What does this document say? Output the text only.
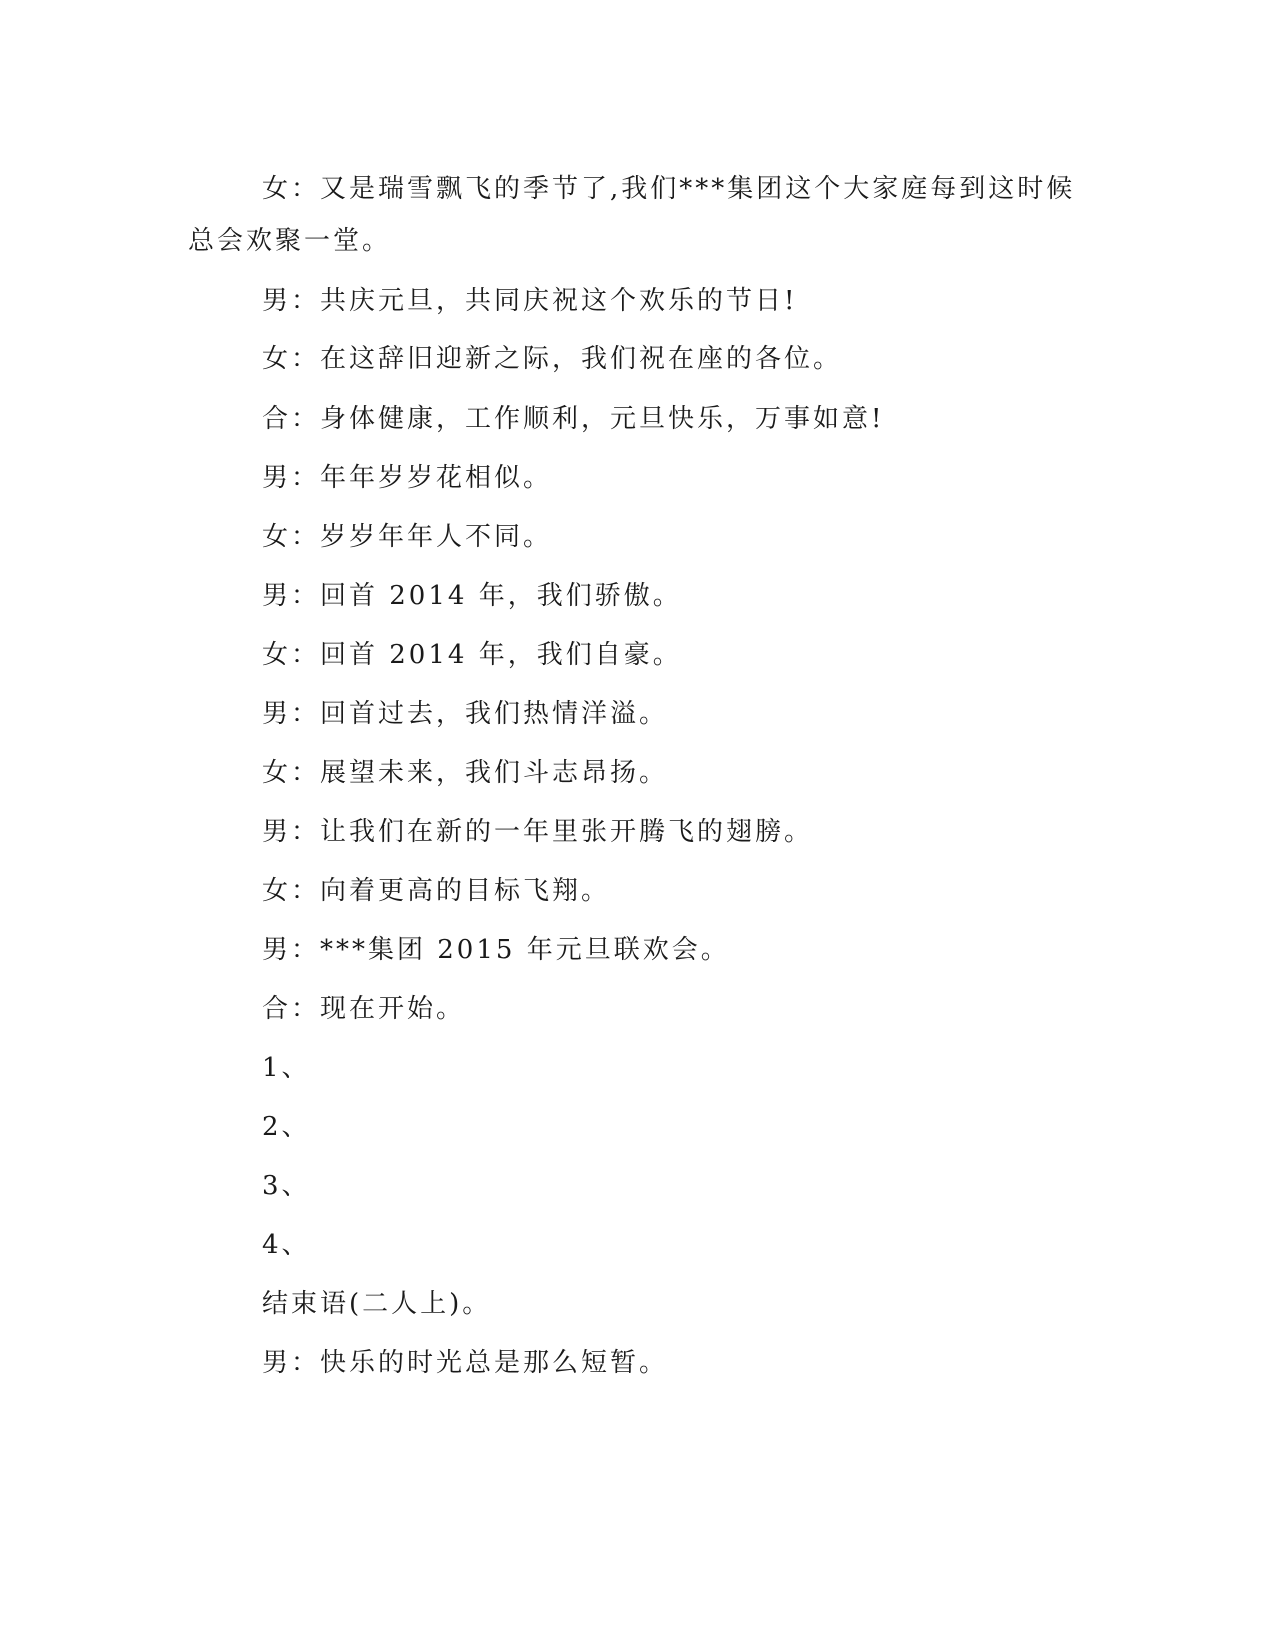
女：又是瑞雪飘飞的季节了,我们***集团这个大家庭每到这时候
总会欢聚一堂。
男：共庆元旦，共同庆祝这个欢乐的节日!
女：在这辞旧迎新之际，我们祝在座的各位。
合：身体健康，工作顺利，元旦快乐，万事如意!
男：年年岁岁花相似。
女：岁岁年年人不同。
男：回首 2014 年，我们骄傲。
女：回首 2014 年，我们自豪。
男：回首过去，我们热情洋溢。
女：展望未来，我们斗志昂扬。
男：让我们在新的一年里张开腾飞的翅膀。
女：向着更高的目标飞翔。
男：***集团 2015 年元旦联欢会。
合：现在开始。
1、
2、
3、
4、
结束语(二人上)。
男：快乐的时光总是那么短暂。
